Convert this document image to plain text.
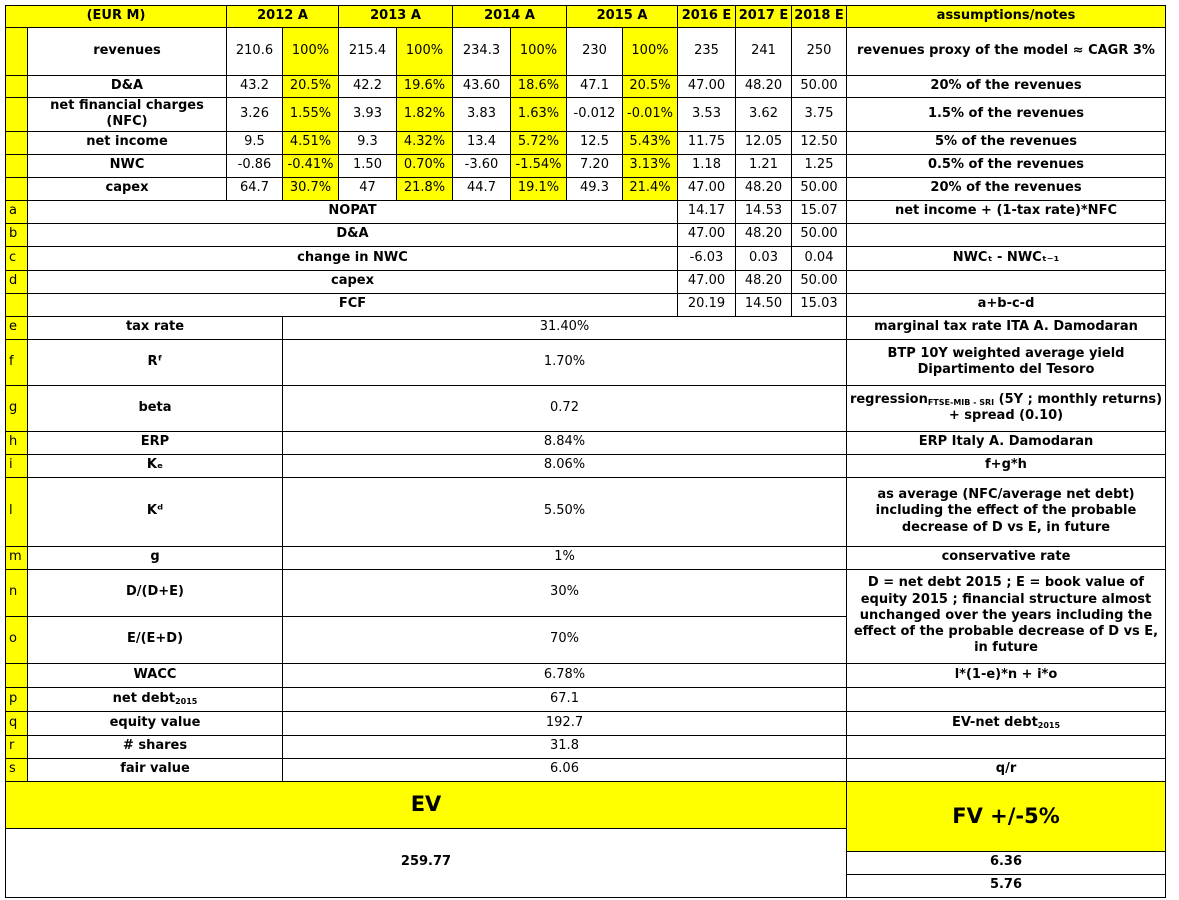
(EUR M)		2012 A		2013 A		2014 A		2015 A		2016 E	2017 E	2018 E	assumptions/notes
	revenues	210.6	100%	215.4	100%	234.3	100%	230	100%	235	241	250	revenues proxy of the model ≈ CAGR 3%
	D&A	43.2	20.5%	42.2	19.6%	43.60	18.6%	47.1	20.5%	47.00	48.20	50.00	20% of the revenues
	net financial charges (NFC)	3.26	1.55%	3.93	1.82%	3.83	1.63%	-0.012	-0.01%	3.53	3.62	3.75	1.5% of the revenues
	net income	9.5	4.51%	9.3	4.32%	13.4	5.72%	12.5	5.43%	11.75	12.05	12.50	5% of the revenues
	NWC	-0.86	-0.41%	1.50	0.70%	-3.60	-1.54%	7.20	3.13%	1.18	1.21	1.25	0.5% of the revenues
	capex	64.7	30.7%	47	21.8%	44.7	19.1%	49.3	21.4%	47.00	48.20	50.00	20% of the revenues
a	NOPAT									14.17	14.53	15.07	net income + (1-tax rate)*NFC
b	D&A									47.00	48.20	50.00	
c	change in NWC									-6.03	0.03	0.04	NWCₜ - NWCₜ₋₁
d	capex									47.00	48.20	50.00	
	FCF									20.19	14.50	15.03	a+b-c-d
e	tax rate		31.40%										marginal tax rate ITA A. Damodaran
f	Rᶠ		1.70%										BTP 10Y weighted average yield Dipartimento del Tesoro
g	beta		0.72										regression$_{FTSE-MIB - SRI}$ (5Y ; monthly returns) + spread (0.10)
h	ERP		8.84%										ERP Italy A. Damodaran
i	Kₑ		8.06%										f+g*h
l	Kᵈ		5.50%										as average (NFC/average net debt) including the effect of the probable decrease of D vs E, in future
m	g		1%										conservative rate
n	D/(D+E)		30%										D = net debt 2015 ; E = book value of equity 2015 ; financial structure almost unchanged over the years including the effect of the probable decrease of D vs E, in future
o	E/(E+D)		70%										
	WACC		6.78%										l*(1-e)*n + i*o
p	net debt$_{2015}$		67.1										
q	equity value		192.7										EV-net debt$_{2015}$
r	# shares		31.8										
s	fair value		6.06										q/r
EV													FV +/-5%
259.77													
													6.36
													5.76
